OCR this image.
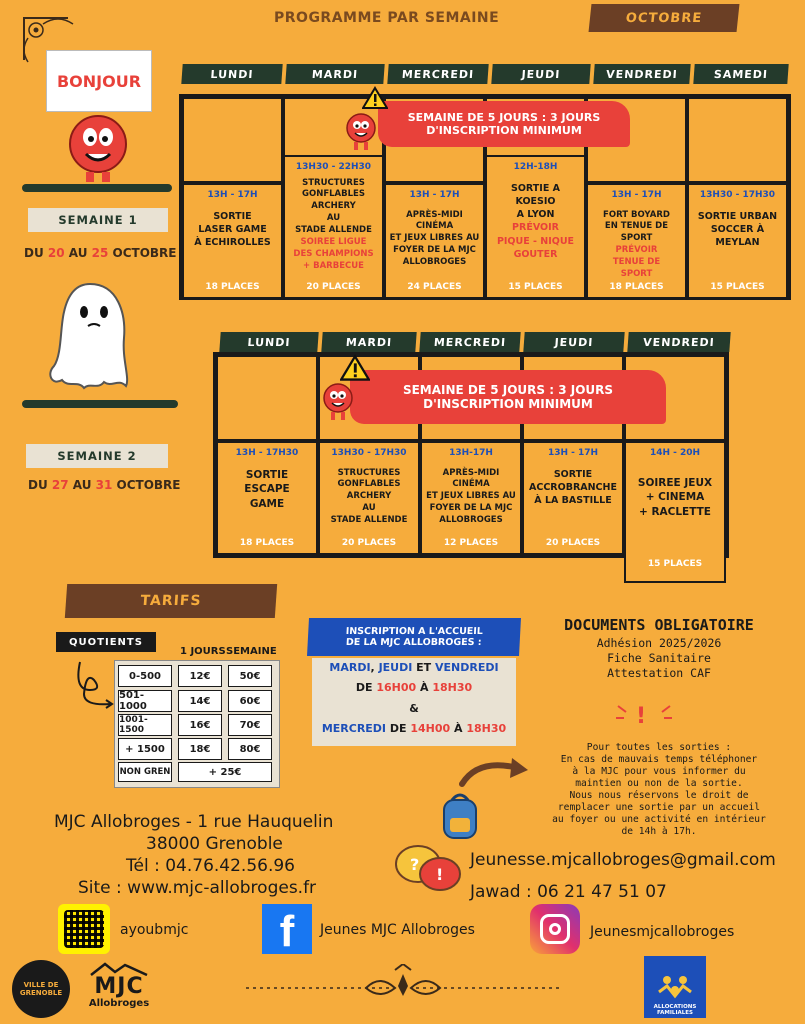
PROGRAMME PAR SEMAINE	OCTOBRE
BONJOUR
SEMAINE 1
DU 20 AU 25 OCTOBRE
SEMAINE 2
DU 27 AU 31 OCTOBRE
LUNDI	MARDI	MERCREDI	JEUDI	VENDREDI	SAMEDI
13H - 17H
SORTIE
LASER GAME
À ECHIROLLES
18 PLACES
13H30 - 22H30
STRUCTURES
GONFLABLES
ARCHERY
AU
STADE ALLENDE
SOIREE LIGUE
DES CHAMPIONS
+ BARBECUE
20 PLACES
13H - 17H
APRÈS-MIDI
CINÉMA
ET JEUX LIBRES AU
FOYER DE LA MJC
ALLOBROGES
24 PLACES
12H-18H
SORTIE A
KOESIO
A LYON
PRÉVOIR
PIQUE - NIQUE
GOUTER
15 PLACES
13H - 17H
FORT BOYARD
EN TENUE DE SPORT
PRÉVOIR
TENUE DE
SPORT
18 PLACES
13H30 - 17H30
SORTIE URBAN
SOCCER À
MEYLAN
15 PLACES
SEMAINE DE 5 JOURS : 3 JOURS
D'INSCRIPTION MINIMUM
LUNDI	MARDI	MERCREDI	JEUDI	VENDREDI
13H - 17H30
SORTIE
ESCAPE
GAME
18 PLACES
13H30 - 17H30
STRUCTURES
GONFLABLES
ARCHERY
AU
STADE ALLENDE
20 PLACES
13H-17H
APRÈS-MIDI
CINÉMA
ET JEUX LIBRES AU
FOYER DE LA MJC
ALLOBROGES
12 PLACES
13H - 17H
SORTIE
ACCROBRANCHE
À LA BASTILLE
20 PLACES
14H - 20H
SOIREE JEUX
+ CINEMA
+ RACLETTE
15 PLACES
SEMAINE DE 5 JOURS : 3 JOURS
D'INSCRIPTION MINIMUM
TARIFS
QUOTIENTS
1 JOURS SEMAINE
0-500	12€	50€
501-1000	14€	60€
1001-1500	16€	70€
+ 1500	18€	80€
NON GREN	+ 25€
INSCRIPTION A L'ACCUEIL
DE LA MJC ALLOBROGES :
MARDI, JEUDI ET VENDREDI
DE 16H00 À 18H30
&
MERCREDI DE 14H00 À 18H30
DOCUMENTS OBLIGATOIRE
Adhésion 2025/2026
Fiche Sanitaire
Attestation CAF
!
Pour toutes les sorties :
En cas de mauvais temps téléphoner
à la MJC pour vous informer du
maintien ou non de la sortie.
Nous nous réservons le droit de
remplacer une sortie par un accueil
au foyer ou une activité en intérieur
de 14h à 17h.
MJC Allobroges - 1 rue Hauquelin
38000 Grenoble
Tél : 04.76.42.56.96
Site : www.mjc-allobroges.fr
?
!
Jeunesse.mjcallobroges@gmail.com
Jawad : 06 21 47 51 07
ayoubmjc f Jeunes MJC Allobroges	Jeunesmjcallobroges
VILLE DE GRENOBLE MJC
Allobroges	ALLOCATIONS FAMILIALES
